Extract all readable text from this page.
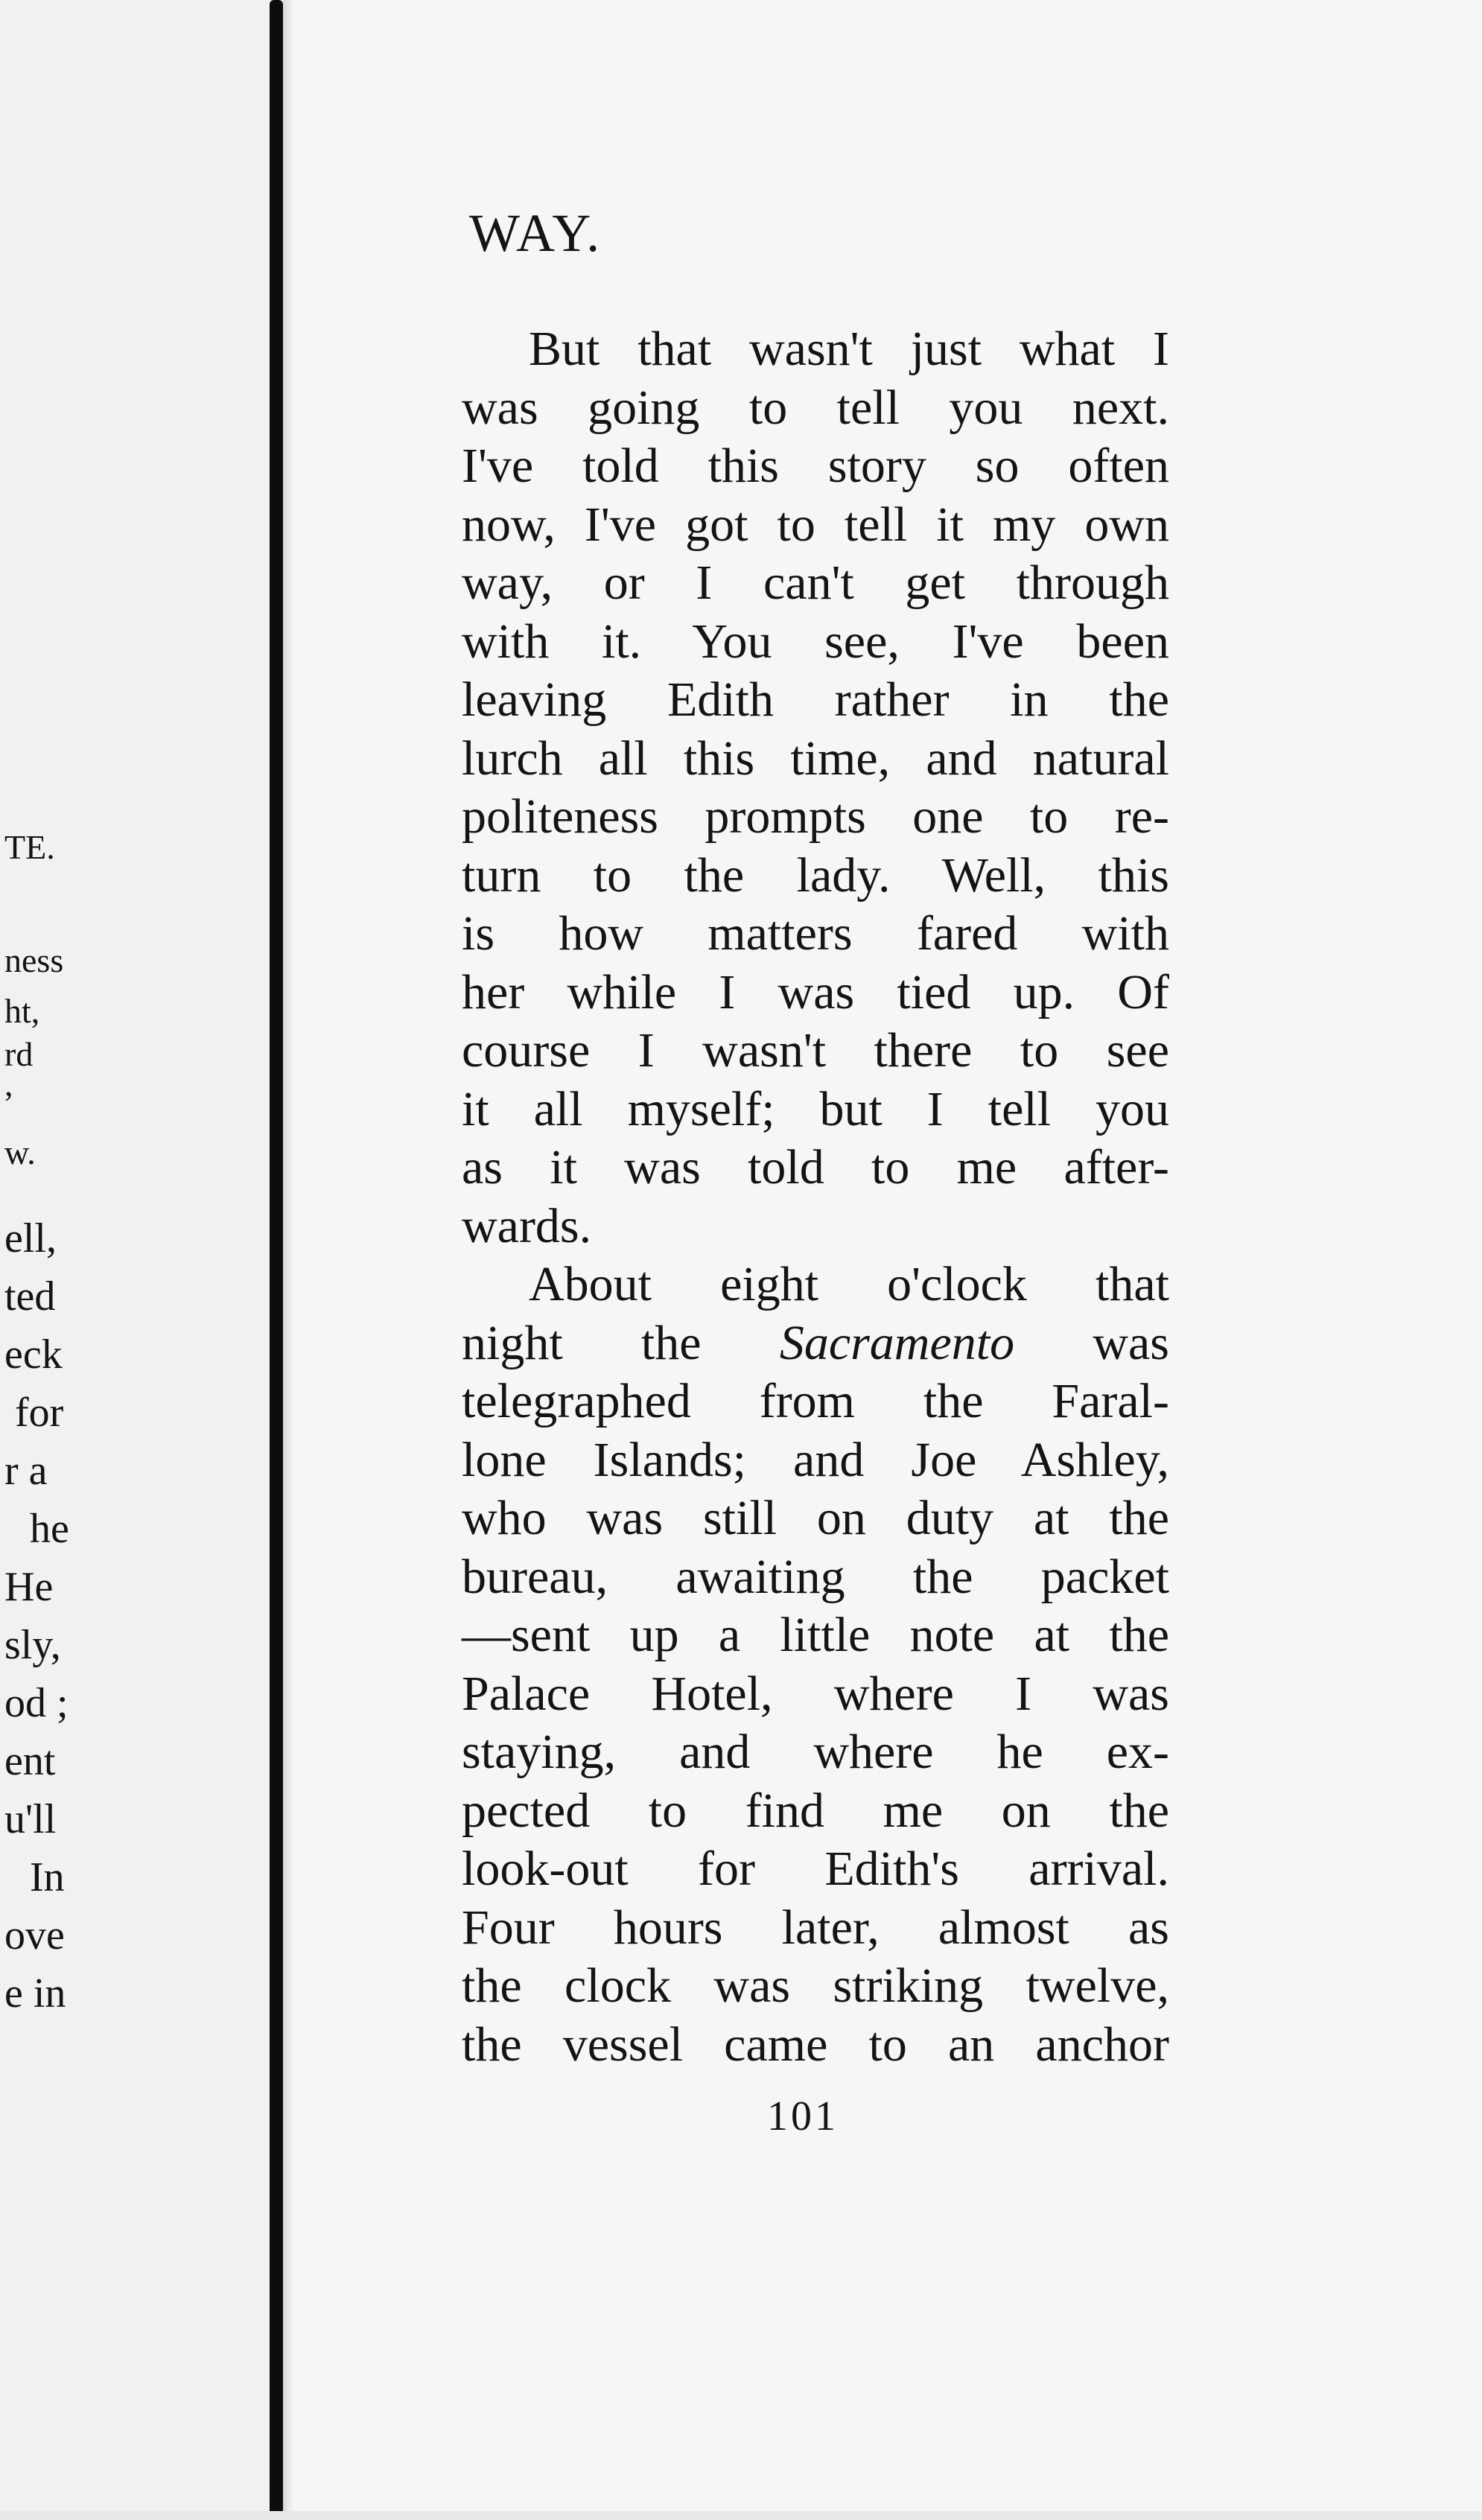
TE.
ness
ht,
rd
,
w.
ell,
ted
eck
for
r a
he
He
sly,
od ;
ent
u'll
In
ove
e in
WAY.
But that wasn't just what I
was going to tell you next.
I've told this story so often
now, I've got to tell it my own
way, or I can't get through
with it. You see, I've been
leaving Edith rather in the
lurch all this time, and natural
politeness prompts one to re-
turn to the lady. Well, this
is how matters fared with
her while I was tied up. Of
course I wasn't there to see
it all myself; but I tell you
as it was told to me after-
wards.
About eight o'clock that
night the Sacramento was
telegraphed from the Faral-
lone Islands; and Joe Ashley,
who was still on duty at the
bureau, awaiting the packet
—sent up a little note at the
Palace Hotel, where I was
staying, and where he ex-
pected to find me on the
look-out for Edith's arrival.
Four hours later, almost as
the clock was striking twelve,
the vessel came to an anchor
101
